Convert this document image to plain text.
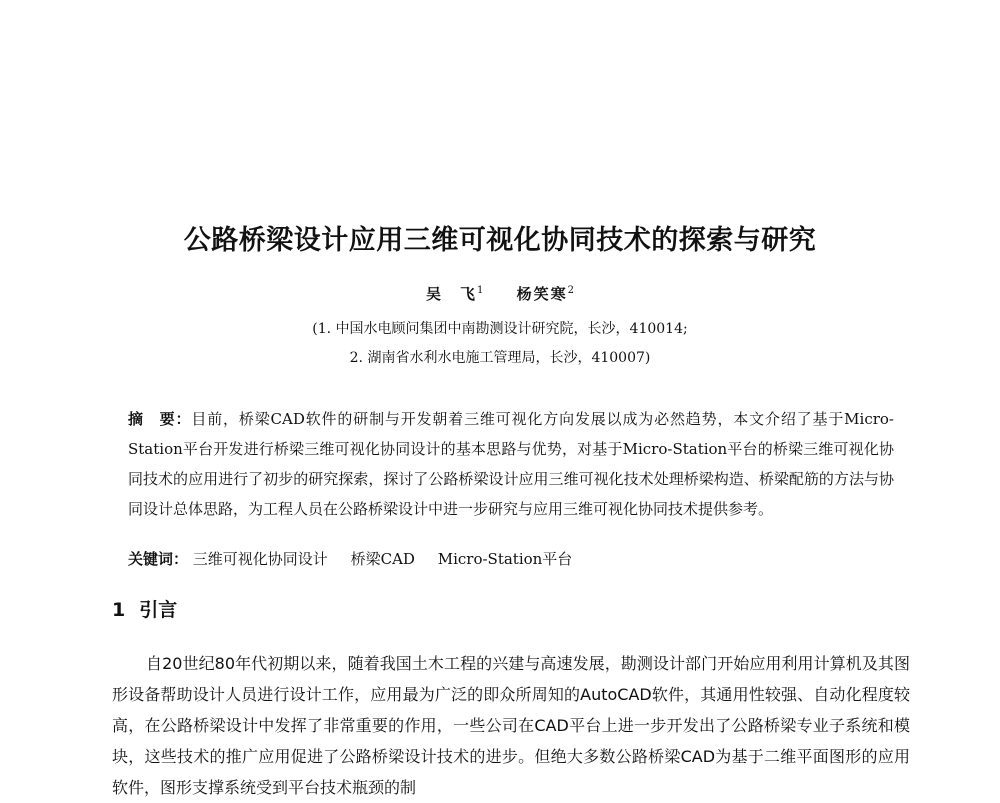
公路桥梁设计应用三维可视化协同技术的探索与研究
吴　飞$^1$ 杨笑寒$^2$
(1. 中国水电顾问集团中南勘测设计研究院，长沙，410014;
2. 湖南省水利水电施工管理局，长沙，410007)
摘　要：目前，桥梁CAD软件的研制与开发朝着三维可视化方向发展以成为必然趋势，本文介绍了基于Micro-Station平台开发进行桥梁三维可视化协同设计的基本思路与优势，对基于Micro-Station平台的桥梁三维可视化协同技术的应用进行了初步的研究探索，探讨了公路桥梁设计应用三维可视化技术处理桥梁构造、桥梁配筋的方法与协同设计总体思路，为工程人员在公路桥梁设计中进一步研究与应用三维可视化协同技术提供参考。
关键词： 三维可视化协同设计 桥梁CAD Micro-Station平台
1 引言

自20世纪80年代初期以来，随着我国土木工程的兴建与高速发展，勘测设计部门开始应用利用计算机及其图形设备帮助设计人员进行设计工作，应用最为广泛的即众所周知的AutoCAD软件，其通用性较强、自动化程度较高，在公路桥梁设计中发挥了非常重要的作用，一些公司在CAD平台上进一步开发出了公路桥梁专业子系统和模块，这些技术的推广应用促进了公路桥梁设计技术的进步。但绝大多数公路桥梁CAD为基于二维平面图形的应用软件，图形支撑系统受到平台技术瓶颈的制
